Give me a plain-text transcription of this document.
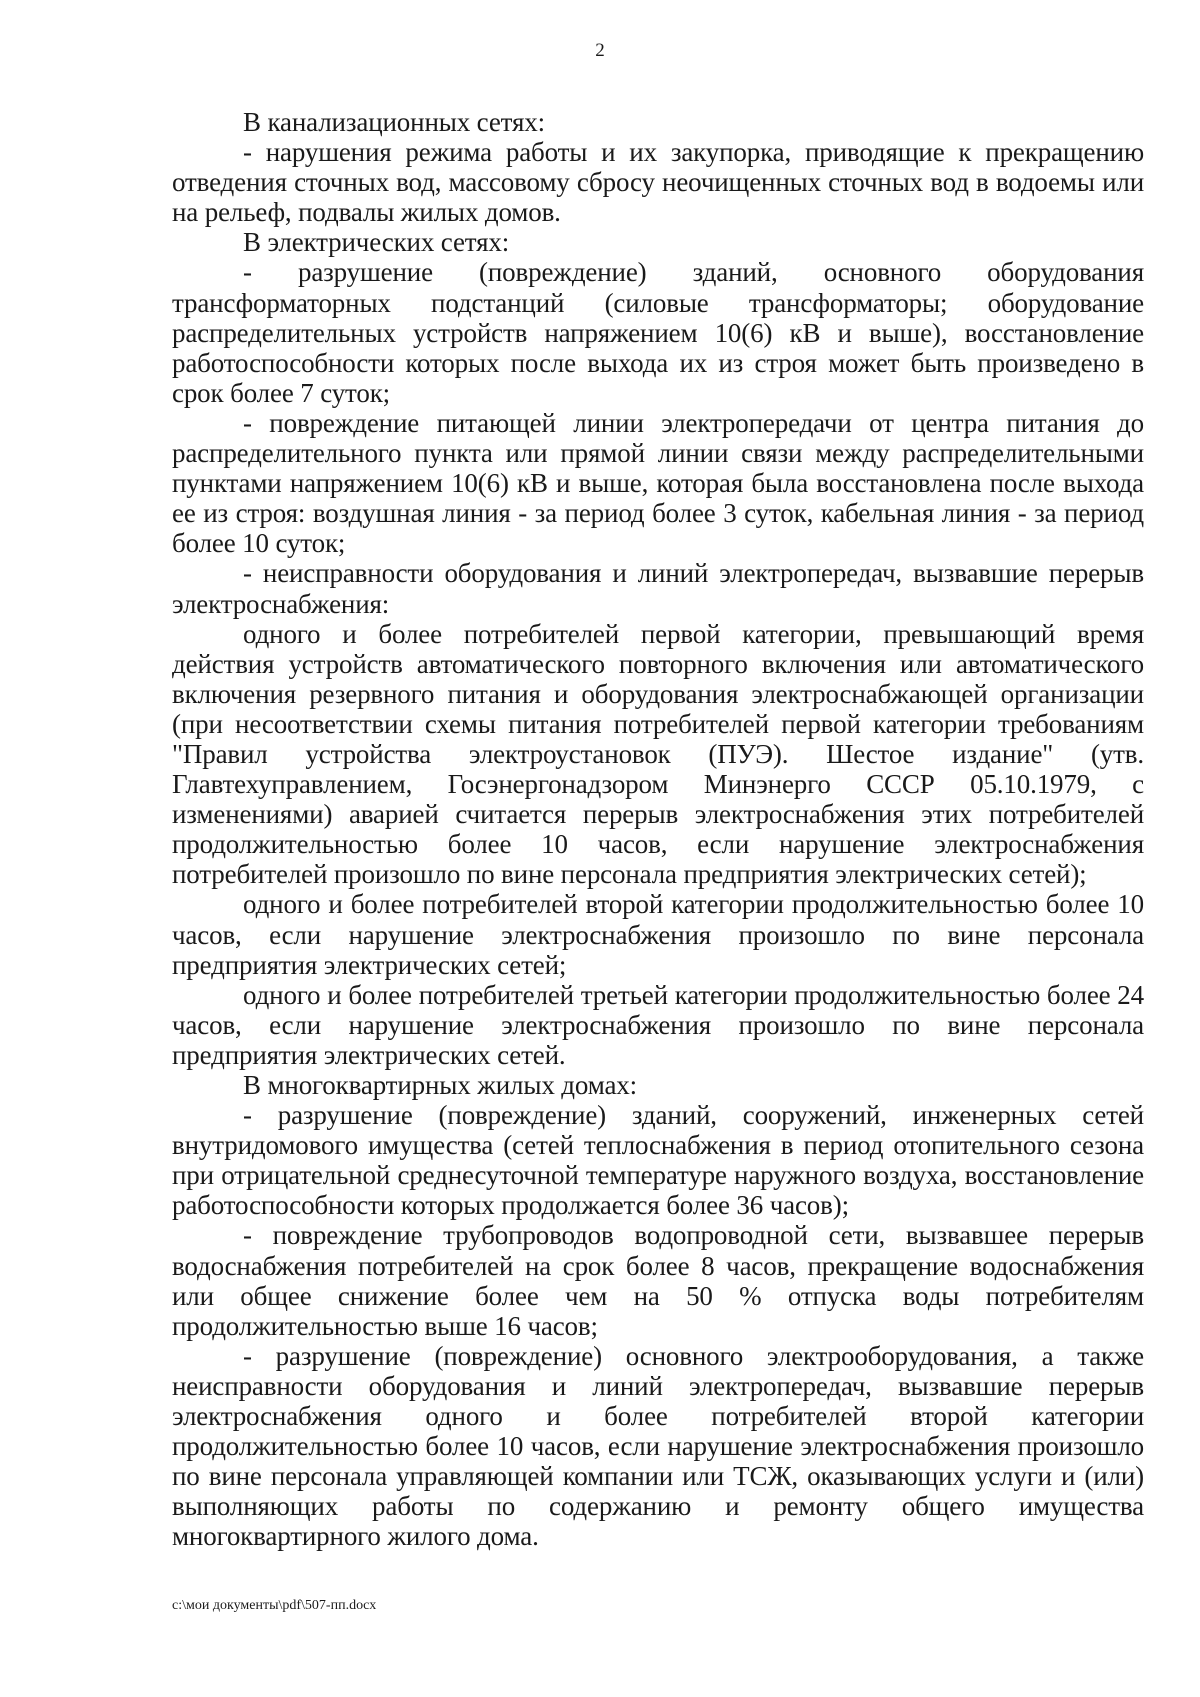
2

В канализационных сетях:

- нарушения режима работы и их закупорка, приводящие к прекращению отведения сточных вод, массовому сбросу неочищенных сточных вод в водоемы или на рельеф, подвалы жилых домов.

В электрических сетях:

- разрушение (повреждение) зданий, основного оборудования трансформаторных подстанций (силовые трансформаторы; оборудование распределительных устройств напряжением 10(6) кВ и выше), восстановление работоспособности которых после выхода их из строя может быть произведено в срок более 7 суток;

- повреждение питающей линии электропередачи от центра питания до распределительного пункта или прямой линии связи между распределительными пунктами напряжением 10(6) кВ и выше, которая была восстановлена после выхода ее из строя: воздушная линия - за период более 3 суток, кабельная линия - за период более 10 суток;

- неисправности оборудования и линий электропередач, вызвавшие перерыв электроснабжения:

одного и более потребителей первой категории, превышающий время действия устройств автоматического повторного включения или автоматического включения резервного питания и оборудования электроснабжающей организации (при несоответствии схемы питания потребителей первой категории требованиям "Правил устройства электроустановок (ПУЭ). Шестое издание" (утв. Главтехуправлением, Госэнергонадзором Минэнерго СССР 05.10.1979, с изменениями) аварией считается перерыв электроснабжения этих потребителей продолжительностью более 10 часов, если нарушение электроснабжения потребителей произошло по вине персонала предприятия электрических сетей);

одного и более потребителей второй категории продолжительностью более 10 часов, если нарушение электроснабжения произошло по вине персонала предприятия электрических сетей;

одного и более потребителей третьей категории продолжительностью более 24 часов, если нарушение электроснабжения произошло по вине персонала предприятия электрических сетей.

В многоквартирных жилых домах:

- разрушение (повреждение) зданий, сооружений, инженерных сетей внутридомового имущества (сетей теплоснабжения в период отопительного сезона при отрицательной среднесуточной температуре наружного воздуха, восстановление работоспособности которых продолжается более 36 часов);

- повреждение трубопроводов водопроводной сети, вызвавшее перерыв водоснабжения потребителей на срок более 8 часов, прекращение водоснабжения или общее снижение более чем на 50 % отпуска воды потребителям продолжительностью выше 16 часов;

- разрушение (повреждение) основного электрооборудования, а также неисправности оборудования и линий электропередач, вызвавшие перерыв электроснабжения одного и более потребителей второй категории продолжительностью более 10 часов, если нарушение электроснабжения произошло по вине персонала управляющей компании или ТСЖ, оказывающих услуги и (или) выполняющих работы по содержанию и ремонту общего имущества многоквартирного жилого дома.

c:\мои документы\pdf\507-пп.docx
